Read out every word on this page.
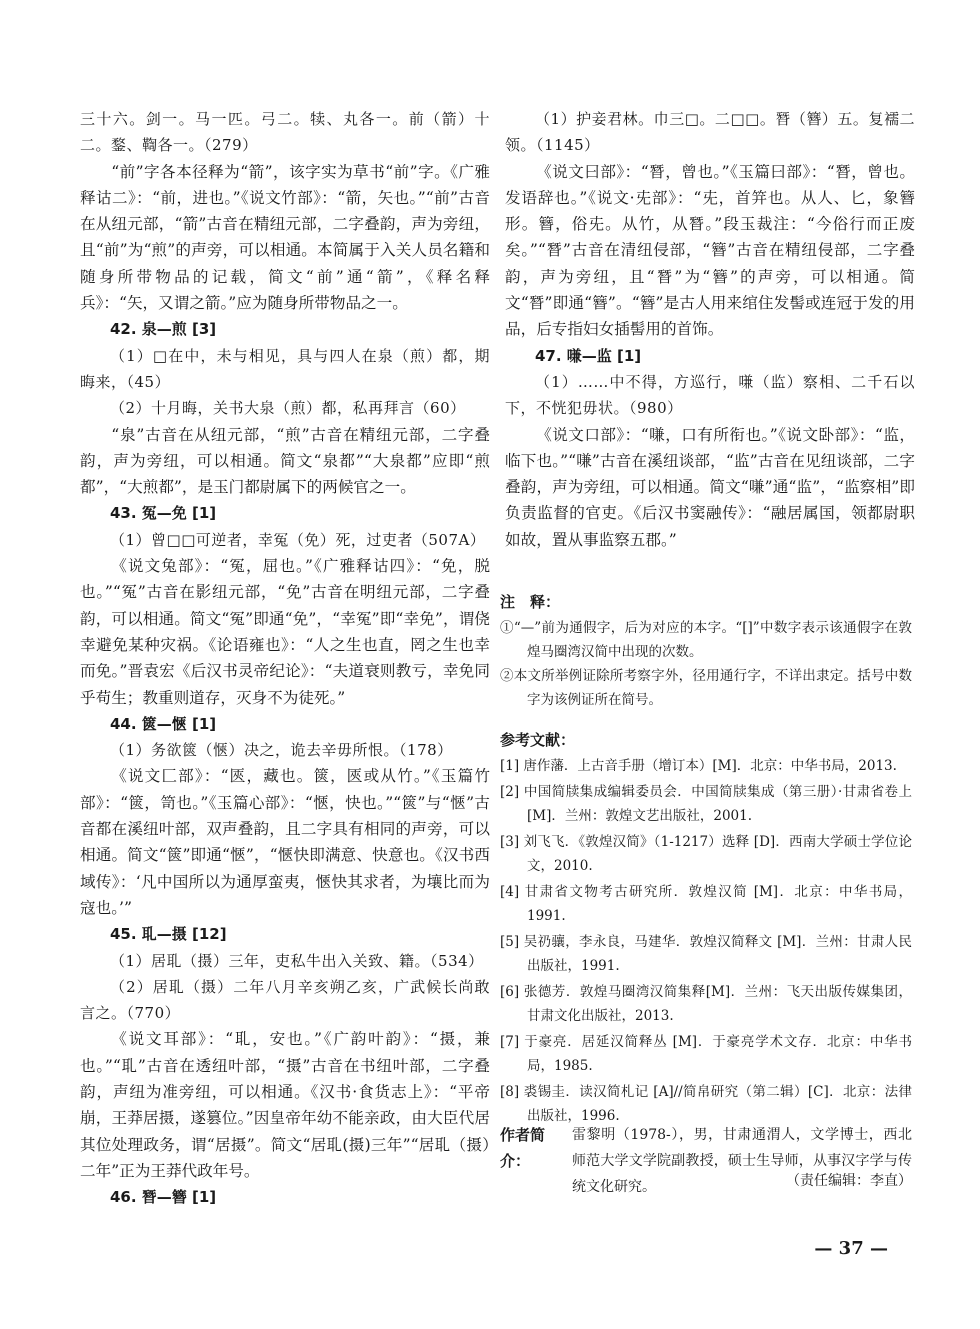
三十六。剑一。马一匹。弓二。犊、丸各一。前（箭）十二。鍪、鞫各一。（279）

“前”字各本径释为“箭”，该字实为草书“前”字。《广雅释诂二》：“前，进也。”《说文竹部》：“箭，矢也。”“前”古音在从纽元部，“箭”古音在精纽元部，二字叠韵，声为旁纽，且“前”为“煎”的声旁，可以相通。本简属于入关人员名籍和随身所带物品的记载，简文“前”通“箭”，《释名释兵》：“矢，又谓之箭。”应为随身所带物品之一。

42. 泉—煎 [3]

（1）□在中，未与相见，具与四人在泉（煎）都，期晦来，（45）

（2）十月晦，关书大泉（煎）都，私再拜言（60）

“泉”古音在从纽元部，“煎”古音在精纽元部，二字叠韵，声为旁纽，可以相通。简文“泉都”“大泉都”应即“煎都”，“大煎都”，是玉门都尉属下的两候官之一。

43. 冤—免 [1]

（1）曾□□可逆者，幸冤（免）死，过吏者（507A）

《说文兔部》：“冤，屈也。”《广雅释诂四》：“免，脱也。”“冤”古音在影纽元部，“免”古音在明纽元部，二字叠韵，可以相通。简文“冤”即通“免”，“幸冤”即“幸免”，谓侥幸避免某种灾祸。《论语雍也》：“人之生也直，罔之生也幸而免。”晋袁宏《后汉书灵帝纪论》：“夫道衰则教亏，幸免同乎苟生；教重则道存，灭身不为徒死。”

44. 篋—愜 [1]

（1）务欲篋（愜）决之，诡去辛毋所恨。（178）

《说文匚部》：“匧，藏也。篋，匧或从竹。”《玉篇竹部》：“篋，笥也。”《玉篇心部》：“愜，快也。”“篋”与“愜”古音都在溪纽叶部，双声叠韵，且二字具有相同的声旁，可以相通。简文“篋”即通“愜”，“愜快即满意、快意也。《汉书西域传》：‘凡中国所以为通厚蛮夷，愜快其求者，为壤比而为寇也。’”

45. 耴—摄 [12]

（1）居耴（摄）三年，吏私牛出入关致、籍。（534）

（2）居耴（摄）二年八月辛亥朔乙亥，广武候长尚敢言之。（770）

《说文耳部》：“耴，安也。”《广韵叶韵》：“摄，兼也。”“耴”古音在透纽叶部，“摄”古音在书纽叶部，二字叠韵，声纽为准旁纽，可以相通。《汉书·食货志上》：“平帝崩，王莽居摄，遂篡位。”因皇帝年幼不能亲政，由大臣代居其位处理政务，谓“居摄”。简文“居耴(摄)三年”“居耴（摄）二年”正为王莽代政年号。

46. 朁—簪 [1]

（1）护妾君林。巾三□。二□□。朁（簪）五。复襦二领。（1145）

《说文曰部》：“朁，曾也。”《玉篇曰部》：“朁，曾也。发语辞也。”《说文·兂部》：“兂，首笄也。从人、匕，象簪形。簪，俗兂。从竹，从朁。”段玉裁注：“今俗行而正废矣。”“朁”古音在清纽侵部，“簪”古音在精纽侵部，二字叠韵，声为旁纽，且“朁”为“簪”的声旁，可以相通。简文“朁”即通“簪”。“簪”是古人用来绾住发髻或连冠于发的用品，后专指妇女插髻用的首饰。

47. 嗛—监 [1]

（1）……中不得，方巡行，嗛（监）察相、二千石以下，不恍犯毋状。（980）

《说文口部》：“嗛，口有所衔也。”《说文卧部》：“监，临下也。”“嗛”古音在溪纽谈部，“监”古音在见纽谈部，二字叠韵，声为旁纽，可以相通。简文“嗛”通“监”，“监察相”即负责监督的官吏。《后汉书窦融传》：“融居属国，领都尉职如故，置从事监察五郡。”

注　释：
①“—”前为通假字，后为对应的本字。“[]”中数字表示该通假字在敦煌马圈湾汉简中出现的次数。
②本文所举例证除所考察字外，径用通行字，不详出隶定。括号中数字为该例证所在简号。
参考文献：
[1] 唐作藩．上古音手册（增订本）[M]．北京：中华书局，2013.
[2] 中国简牍集成编辑委员会．中国简牍集成（第三册）·甘肃省卷上 [M]．兰州：敦煌文艺出版社，2001.
[3] 刘飞飞．《敦煌汉简》（1-1217）选释 [D]．西南大学硕士学位论文，2010.
[4] 甘肃省文物考古研究所．敦煌汉简 [M]．北京：中华书局，1991.
[5] 吴礽骧，李永良，马建华．敦煌汉简释文 [M]．兰州：甘肃人民出版社，1991.
[6] 张德芳．敦煌马圈湾汉简集释[M]．兰州：飞天出版传媒集团，甘肃文化出版社，2013.
[7] 于豪亮．居延汉简释丛 [M]．于豪亮学术文存．北京：中华书局，1985.
[8] 裘锡圭．读汉简札记 [A]//简帛研究（第二辑）[C]．北京：法律出版社，1996.
作者简介：
雷黎明（1978-），男，甘肃通渭人，文学博士，西北师范大学文学院副教授，硕士生导师，从事汉字学与传统文化研究。	（责任编辑：李直）
— 37 —
